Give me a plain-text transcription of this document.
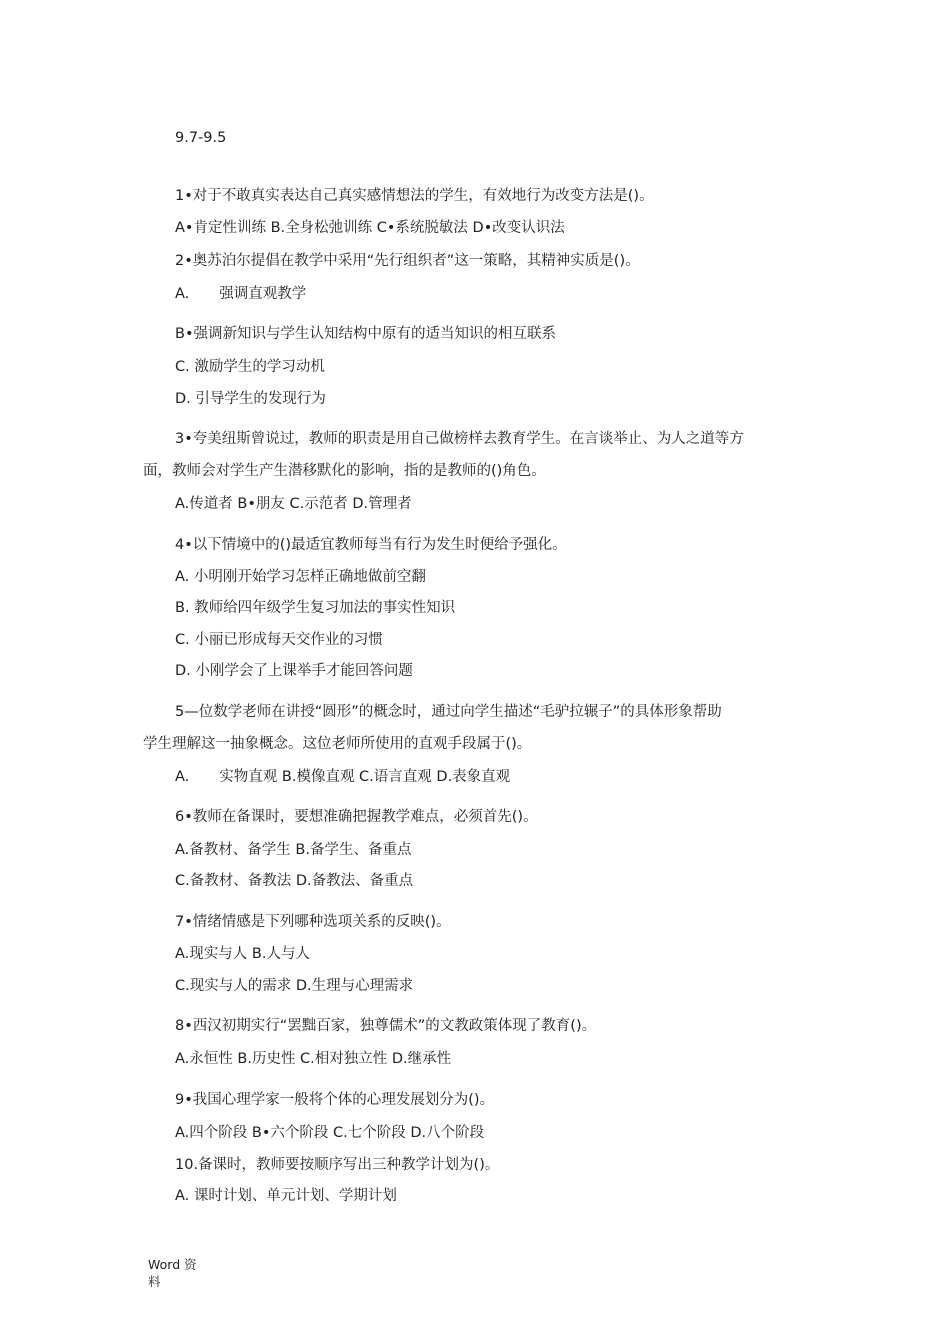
9.7-9.5
1•对于不敢真实表达自己真实感情想法的学生，有效地行为改变方法是()。
A•肯定性训练 B.全身松弛训练 C•系统脱敏法 D•改变认识法
2•奥苏泊尔提倡在教学中采用“先行组织者”这一策略，其精神实质是()。
A. 强调直观教学
B•强调新知识与学生认知结构中原有的适当知识的相互联系
C. 激励学生的学习动机
D. 引导学生的发现行为
3•夸美纽斯曾说过，教师的职责是用自己做榜样去教育学生。在言谈举止、为人之道等方
面，教师会对学生产生潜移默化的影响，指的是教师的()角色。
A.传道者 B•朋友 C.示范者 D.管理者
4•以下情境中的()最适宜教师每当有行为发生时便给予强化。
A. 小明刚开始学习怎样正确地做前空翻
B. 教师给四年级学生复习加法的事实性知识
C. 小丽已形成每天交作业的习惯
D. 小刚学会了上课举手才能回答问题
5—位数学老师在讲授“圆形”的概念时，通过向学生描述“毛驴拉辗子”的具体形象帮助
学生理解这一抽象概念。这位老师所使用的直观手段属于()。
A. 实物直观 B.模像直观 C.语言直观 D.表象直观
6•教师在备课时，要想准确把握教学难点，必须首先()。
A.备教材、备学生 B.备学生、备重点
C.备教材、备教法 D.备教法、备重点
7•情绪情感是下列哪种选项关系的反映()。
A.现实与人 B.人与人
C.现实与人的需求 D.生理与心理需求
8•西汉初期实行“罢黜百家，独尊儒术”的文教政策体现了教育()。
A.永恒性 B.历史性 C.相对独立性 D.继承性
9•我国心理学家一般将个体的心理发展划分为()。
A.四个阶段 B•六个阶段 C.七个阶段 D.八个阶段
10.备课时，教师要按顺序写出三种教学计划为()。
A. 课时计划、单元计划、学期计划
Word 资
料
